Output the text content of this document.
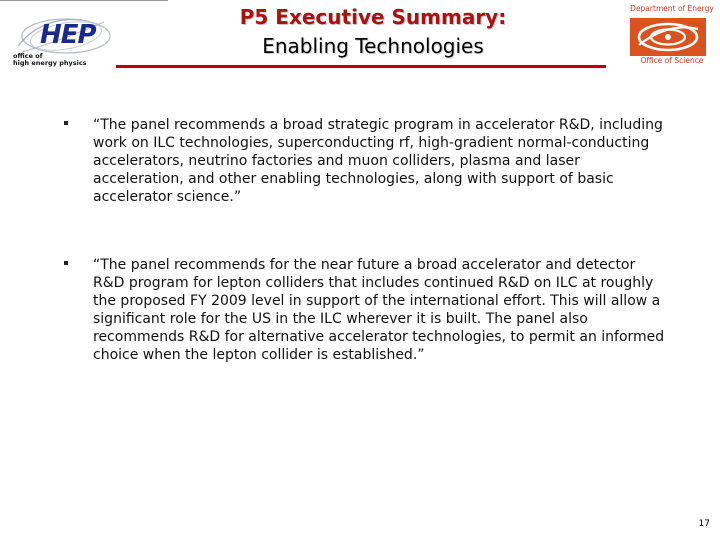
HEP
office of
high energy physics
P5 Executive Summary:
Enabling Technologies
Department of Energy
Office of Science
“The panel recommends a broad strategic program in accelerator R&D, including work on ILC technologies, superconducting rf, high-gradient normal-conducting accelerators, neutrino factories and muon colliders, plasma and laser acceleration, and other enabling technologies, along with support of basic accelerator science.”
“The panel recommends for the near future a broad accelerator and detector R&D program for lepton colliders that includes continued R&D on ILC at roughly the proposed FY 2009 level in support of the international effort. This will allow a significant role for the US in the ILC wherever it is built. The panel also recommends R&D for alternative accelerator technologies, to permit an informed choice when the lepton collider is established.”
17
